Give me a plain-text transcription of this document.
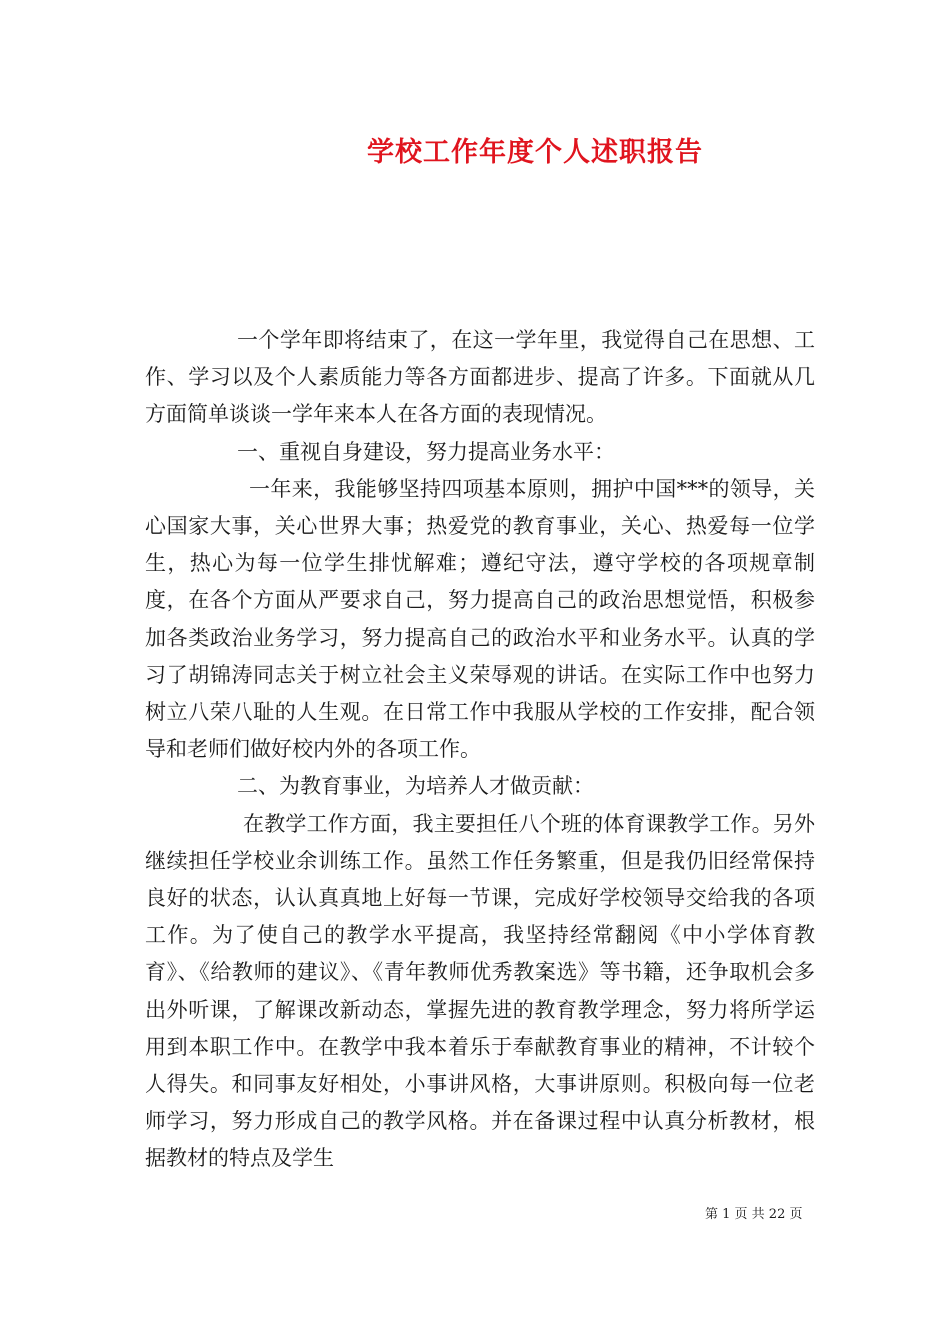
学校工作年度个人述职报告

一个学年即将结束了，在这一学年里，我觉得自己在思想、工作、学习以及个人素质能力等各方面都进步、提高了许多。下面就从几方面简单谈谈一学年来本人在各方面的表现情况。

一、重视自身建设，努力提高业务水平：

一年来，我能够坚持四项基本原则，拥护中国***的领导，关心国家大事，关心世界大事；热爱党的教育事业，关心、热爱每一位学生，热心为每一位学生排忧解难；遵纪守法，遵守学校的各项规章制度，在各个方面从严要求自己，努力提高自己的政治思想觉悟，积极参加各类政治业务学习，努力提高自己的政治水平和业务水平。认真的学习了胡锦涛同志关于树立社会主义荣辱观的讲话。在实际工作中也努力树立八荣八耻的人生观。在日常工作中我服从学校的工作安排，配合领导和老师们做好校内外的各项工作。

二、为教育事业，为培养人才做贡献：

在教学工作方面，我主要担任八个班的体育课教学工作。另外继续担任学校业余训练工作。虽然工作任务繁重，但是我仍旧经常保持良好的状态，认认真真地上好每一节课，完成好学校领导交给我的各项工作。为了使自己的教学水平提高，我坚持经常翻阅《中小学体育教育》、《给教师的建议》、《青年教师优秀教案选》等书籍，还争取机会多出外听课，了解课改新动态，掌握先进的教育教学理念，努力将所学运用到本职工作中。在教学中我本着乐于奉献教育事业的精神，不计较个人得失。和同事友好相处，小事讲风格，大事讲原则。积极向每一位老师学习，努力形成自己的教学风格。并在备课过程中认真分析教材，根据教材的特点及学生

第 1 页 共 22 页
